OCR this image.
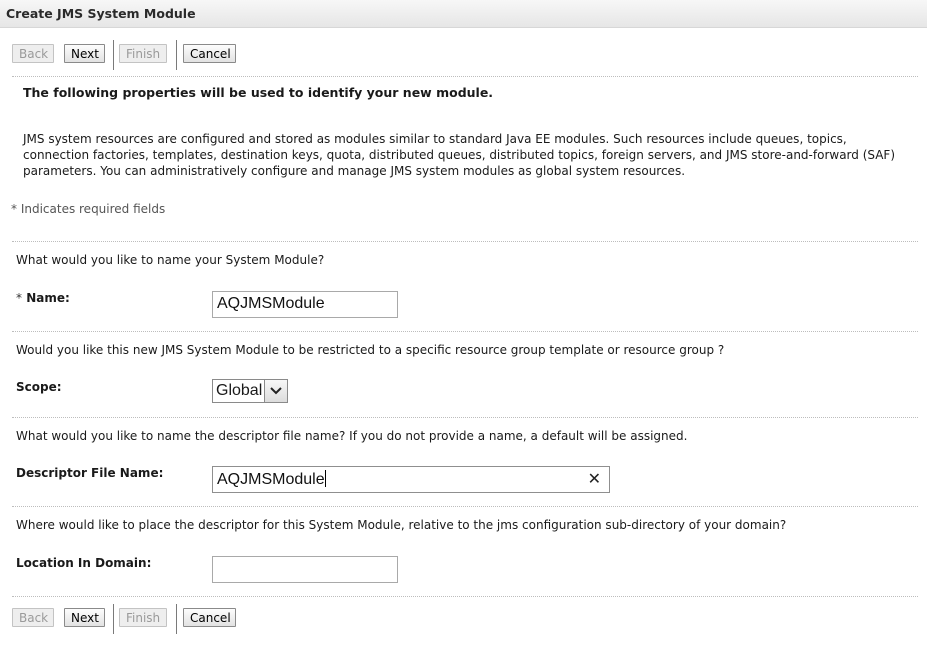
Create JMS System Module
Back	Next	Finish	Cancel
The following properties will be used to identify your new module.
JMS system resources are configured and stored as modules similar to standard Java EE modules. Such resources include queues, topics, connection factories, templates, destination keys, quota, distributed queues, distributed topics, foreign servers, and JMS store-and-forward (SAF) parameters. You can administratively configure and manage JMS system modules as global system resources.
* Indicates required fields
What would you like to name your System Module?
* Name:	AQJMSModule
Would you like this new JMS System Module to be restricted to a specific resource group template or resource group ?
Scope:	Global
What would you like to name the descriptor file name? If you do not provide a name, a default will be assigned.
Descriptor File Name:	AQJMSModule	✕
Where would like to place the descriptor for this System Module, relative to the jms configuration sub-directory of your domain?
Location In Domain:
Back	Next	Finish	Cancel
